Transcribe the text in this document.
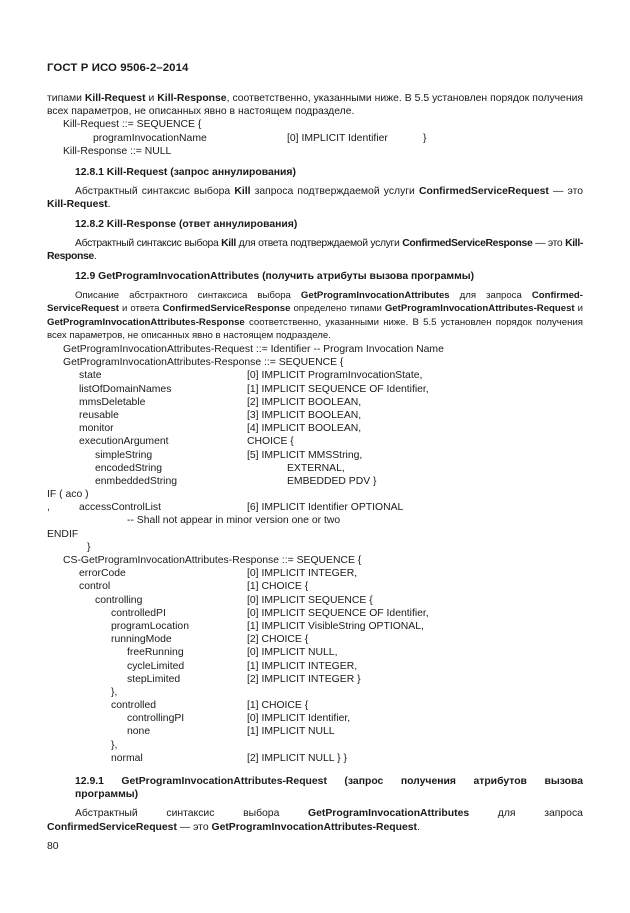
ГОСТ Р ИСО 9506-2–2014

типами Kill-Request и Kill-Response, соответственно, указанными ниже. В 5.5 установлен порядок получения всех параметров, не описанных явно в настоящем подразделе.

Kill-Request ::= SEQUENCE {
programInvocationName	[0] IMPLICIT Identifier	}
Kill-Response ::= NULL

12.8.1 Kill-Request (запрос аннулирования)

Абстрактный синтаксис выбора Kill запроса подтверждаемой услуги ConfirmedServiceRequest — это Kill-Request.

12.8.2 Kill-Response (ответ аннулирования)

Абстрактный синтаксис выбора Kill для ответа подтверждаемой услуги ConfirmedServiceResponse — это Kill-Response.

12.9 GetProgramInvocationAttributes (получить атрибуты вызова программы)

Описание абстрактного синтаксиса выбора GetProgramInvocationAttributes для запроса Confirmed-ServiceRequest и ответа ConfirmedServiceResponse определено типами GetProgramInvocationAttributes-Request и GetProgramInvocationAttributes-Response соответственно, указанными ниже. В 5.5 установлен порядок получения всех параметров, не описанных явно в настоящем подразделе.

GetProgramInvocationAttributes-Request ::= Identifier -- Program Invocation Name
GetProgramInvocationAttributes-Response ::= SEQUENCE {
state	[0] IMPLICIT ProgramInvocationState,
listOfDomainNames	[1] IMPLICIT SEQUENCE OF Identifier,
mmsDeletable	[2] IMPLICIT BOOLEAN,
reusable	[3] IMPLICIT BOOLEAN,
monitor	[4] IMPLICIT BOOLEAN,
executionArgument	CHOICE {
simpleString	[5] IMPLICIT MMSString,
encodedString	EXTERNAL,
enmbeddedString	EMBEDDED PDV }
IF ( aco )
,	accessControlList	[6] IMPLICIT Identifier OPTIONAL
-- Shall not appear in minor version one or two
ENDIF
}
CS-GetProgramInvocationAttributes-Response ::= SEQUENCE {
errorCode	[0] IMPLICIT INTEGER,
control	[1] CHOICE {
controlling	[0] IMPLICIT SEQUENCE {
controlledPI	[0] IMPLICIT SEQUENCE OF Identifier,
programLocation	[1] IMPLICIT VisibleString OPTIONAL,
runningMode	[2] CHOICE {
freeRunning	[0] IMPLICIT NULL,
cycleLimited	[1] IMPLICIT INTEGER,
stepLimited	[2] IMPLICIT INTEGER }
},
controlled	[1] CHOICE {
controllingPI	[0] IMPLICIT Identifier,
none	[1] IMPLICIT NULL
},
normal	[2] IMPLICIT NULL } }

12.9.1 GetProgramInvocationAttributes-Request (запрос получения атрибутов вызова

программы)

Абстрактный	синтаксис	выбора	GetProgramInvocationAttributes	для	запроса

ConfirmedServiceRequest — это GetProgramInvocationAttributes-Request.

80
